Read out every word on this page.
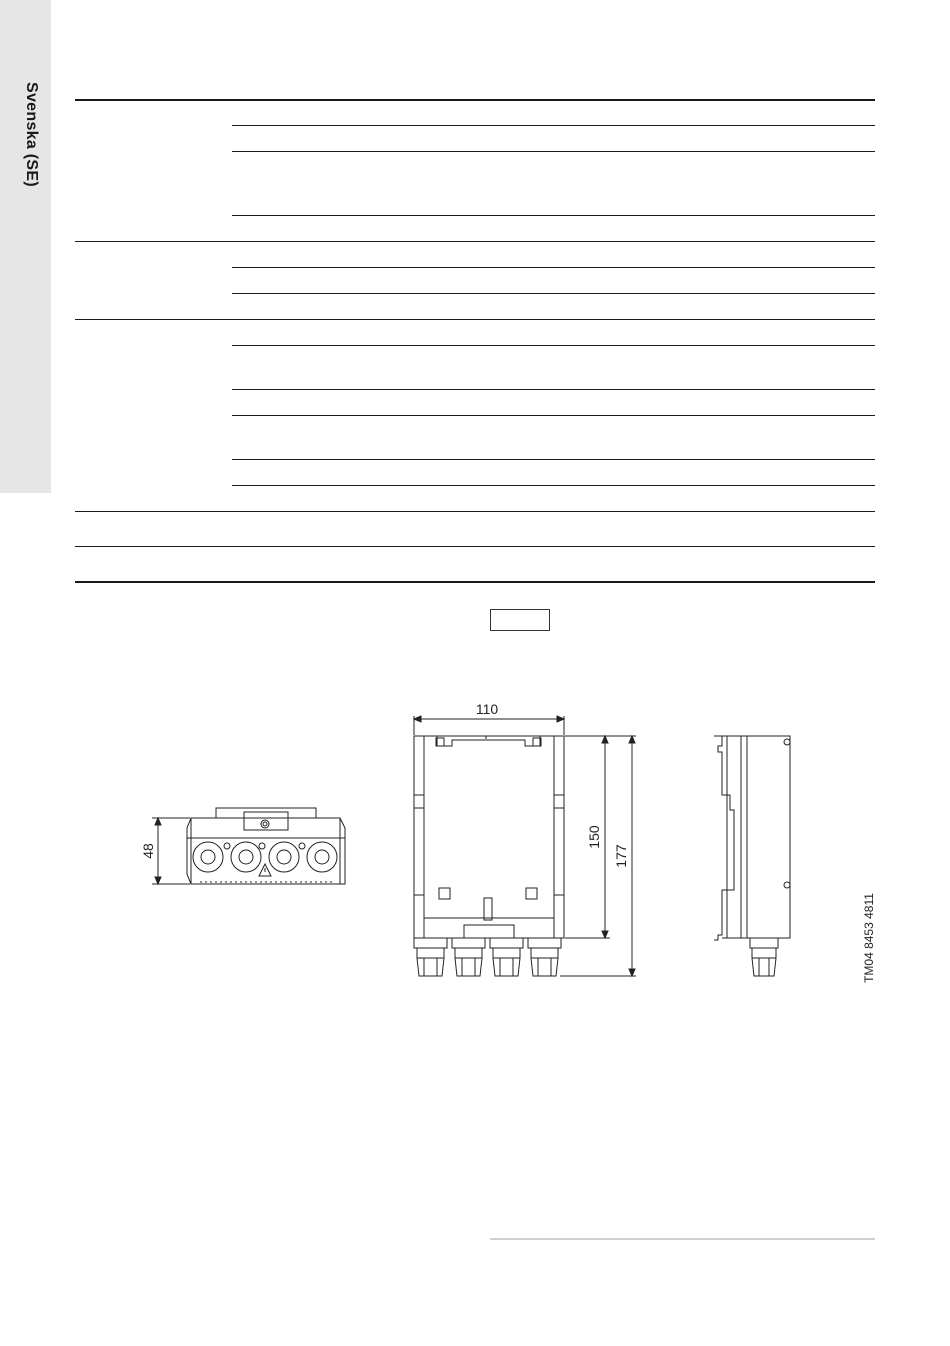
Svenska (SE)
110
48
150
177
TM04 8453 4811
